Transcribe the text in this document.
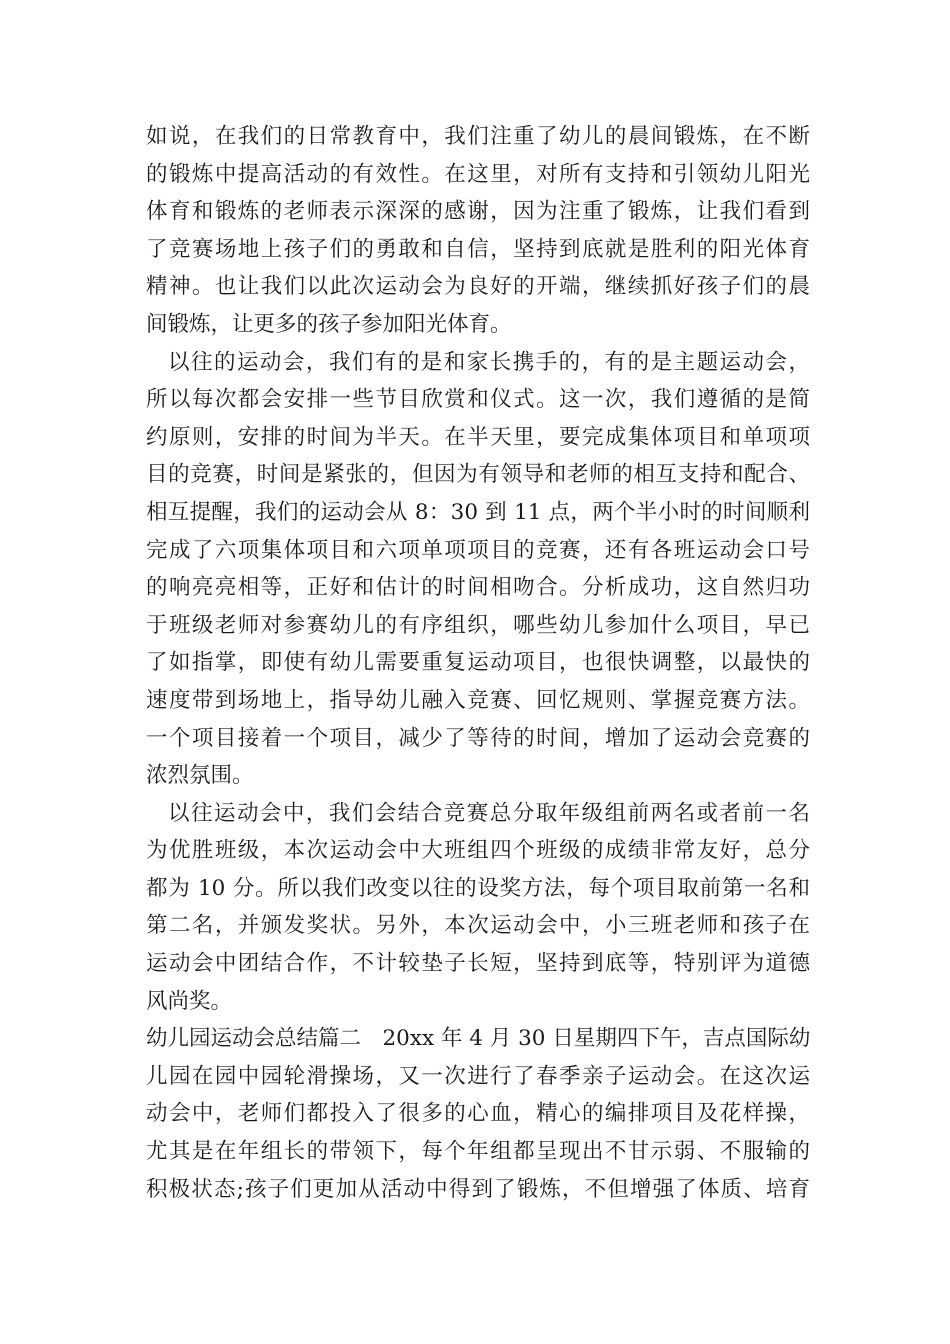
如说，在我们的日常教育中，我们注重了幼儿的晨间锻炼，在不断
的锻炼中提高活动的有效性。在这里，对所有支持和引领幼儿阳光
体育和锻炼的老师表示深深的感谢，因为注重了锻炼，让我们看到
了竞赛场地上孩子们的勇敢和自信，坚持到底就是胜利的阳光体育
精神。也让我们以此次运动会为良好的开端，继续抓好孩子们的晨
间锻炼，让更多的孩子参加阳光体育。
以往的运动会，我们有的是和家长携手的，有的是主题运动会，
所以每次都会安排一些节目欣赏和仪式。这一次，我们遵循的是简
约原则，安排的时间为半天。在半天里，要完成集体项目和单项项
目的竞赛，时间是紧张的，但因为有领导和老师的相互支持和配合、
相互提醒，我们的运动会从 8：30 到 11 点，两个半小时的时间顺利
完成了六项集体项目和六项单项项目的竞赛，还有各班运动会口号
的响亮亮相等，正好和估计的时间相吻合。分析成功，这自然归功
于班级老师对参赛幼儿的有序组织，哪些幼儿参加什么项目，早已
了如指掌，即使有幼儿需要重复运动项目，也很快调整，以最快的
速度带到场地上，指导幼儿融入竞赛、回忆规则、掌握竞赛方法。
一个项目接着一个项目，减少了等待的时间，增加了运动会竞赛的
浓烈氛围。
以往运动会中，我们会结合竞赛总分取年级组前两名或者前一名
为优胜班级，本次运动会中大班组四个班级的成绩非常友好，总分
都为 10 分。所以我们改变以往的设奖方法，每个项目取前第一名和
第二名，并颁发奖状。另外，本次运动会中，小三班老师和孩子在
运动会中团结合作，不计较垫子长短，坚持到底等，特别评为道德
风尚奖。
幼儿园运动会总结篇二　20xx 年 4 月 30 日星期四下午，吉点国际幼
儿园在园中园轮滑操场，又一次进行了春季亲子运动会。在这次运
动会中，老师们都投入了很多的心血，精心的编排项目及花样操，
尤其是在年组长的带领下，每个年组都呈现出不甘示弱、不服输的
积极状态;孩子们更加从活动中得到了锻炼，不但增强了体质、培育
